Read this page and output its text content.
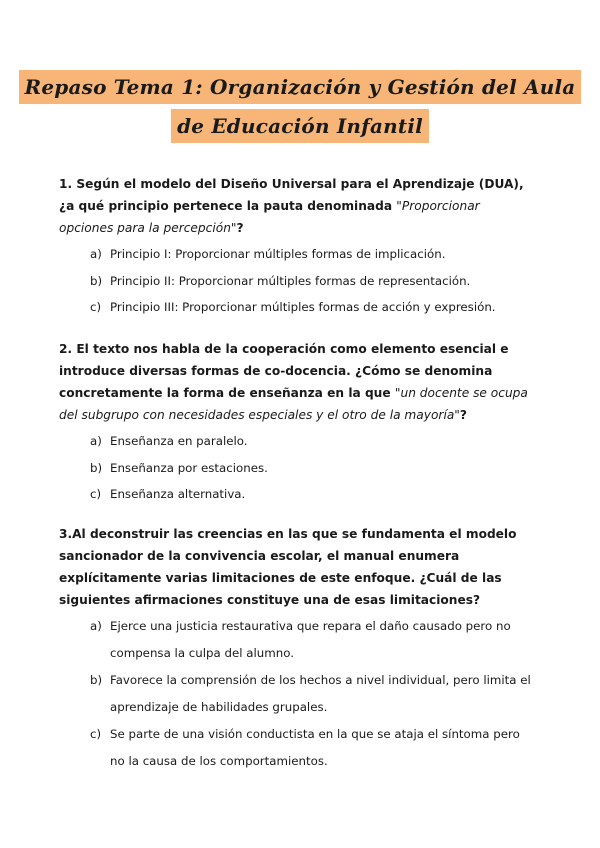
Repaso Tema 1: Organización y Gestión del Aula
de Educación Infantil

1. Según el modelo del Diseño Universal para el Aprendizaje (DUA), ¿a qué principio pertenece la pauta denominada "Proporcionar opciones para la percepción"?

a) Principio I: Proporcionar múltiples formas de implicación.
b) Principio II: Proporcionar múltiples formas de representación.
c) Principio III: Proporcionar múltiples formas de acción y expresión.

2. El texto nos habla de la cooperación como elemento esencial e introduce diversas formas de co-docencia. ¿Cómo se denomina concretamente la forma de enseñanza en la que "un docente se ocupa del subgrupo con necesidades especiales y el otro de la mayoría"?

a) Enseñanza en paralelo.
b) Enseñanza por estaciones.
c) Enseñanza alternativa.

3.Al deconstruir las creencias en las que se fundamenta el modelo sancionador de la convivencia escolar, el manual enumera explícitamente varias limitaciones de este enfoque. ¿Cuál de las siguientes afirmaciones constituye una de esas limitaciones?

a) Ejerce una justicia restaurativa que repara el daño causado pero no compensa la culpa del alumno.
b) Favorece la comprensión de los hechos a nivel individual, pero limita el aprendizaje de habilidades grupales.
c) Se parte de una visión conductista en la que se ataja el síntoma pero no la causa de los comportamientos.
